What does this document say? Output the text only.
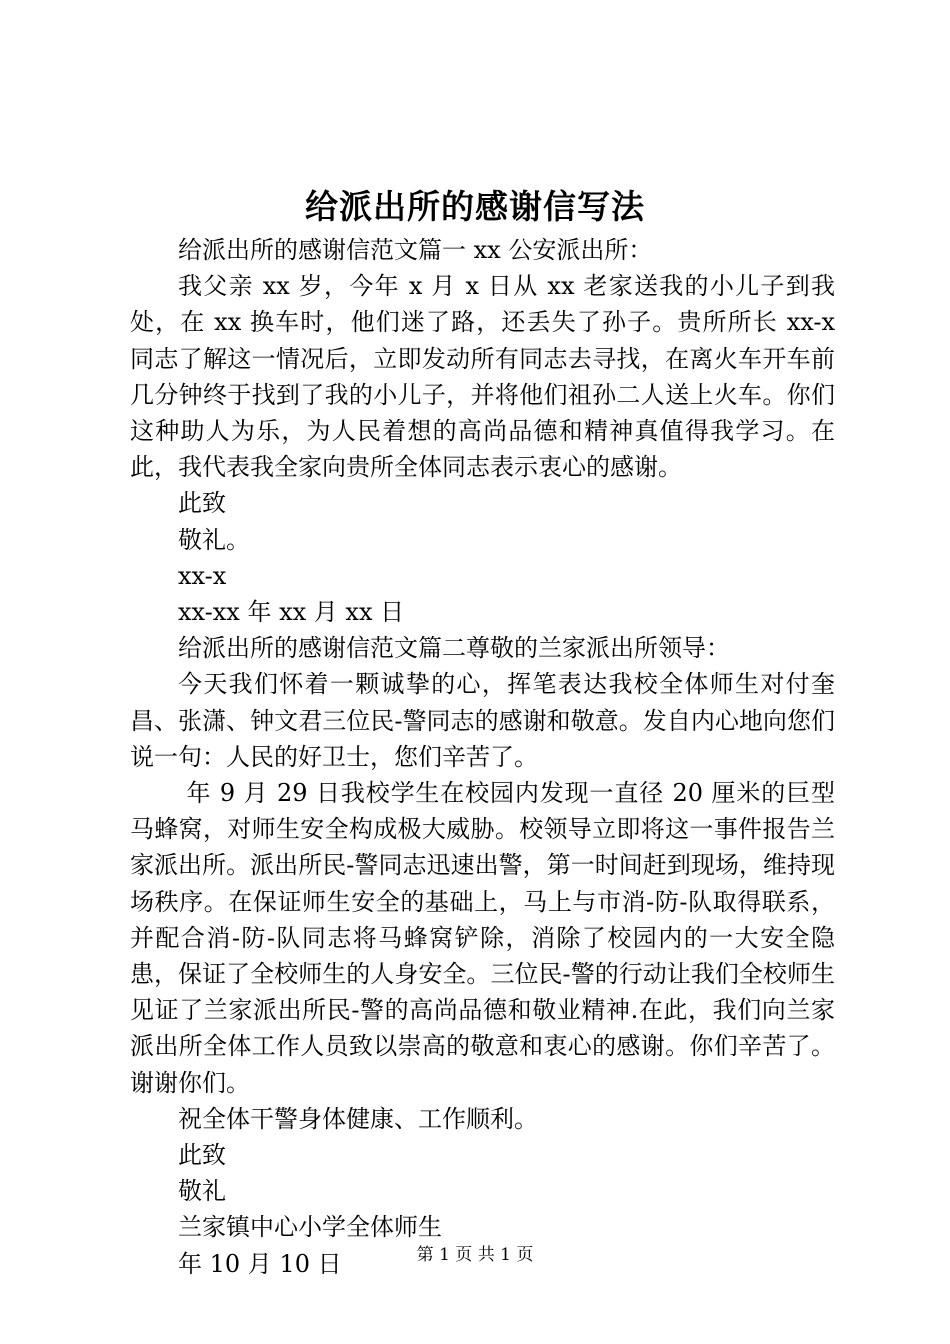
给派出所的感谢信写法

给派出所的感谢信范文篇一 xx 公安派出所：

我父亲 xx 岁，今年 x 月 x 日从 xx 老家送我的小儿子到我处，在 xx 换车时，他们迷了路，还丢失了孙子。贵所所长 xx-x 同志了解这一情况后，立即发动所有同志去寻找，在离火车开车前几分钟终于找到了我的小儿子，并将他们祖孙二人送上火车。你们这种助人为乐，为人民着想的高尚品德和精神真值得我学习。在此，我代表我全家向贵所全体同志表示衷心的感谢。

此致

敬礼。

xx-x

xx-xx 年 xx 月 xx 日

给派出所的感谢信范文篇二尊敬的兰家派出所领导：

今天我们怀着一颗诚挚的心，挥笔表达我校全体师生对付奎昌、张潇、钟文君三位民-警同志的感谢和敬意。发自内心地向您们说一句：人民的好卫士，您们辛苦了。

年 9 月 29 日我校学生在校园内发现一直径 20 厘米的巨型马蜂窝，对师生安全构成极大威胁。校领导立即将这一事件报告兰家派出所。派出所民-警同志迅速出警，第一时间赶到现场，维持现场秩序。在保证师生安全的基础上，马上与市消-防-队取得联系，并配合消-防-队同志将马蜂窝铲除，消除了校园内的一大安全隐患，保证了全校师生的人身安全。三位民-警的行动让我们全校师生见证了兰家派出所民-警的高尚品德和敬业精神.在此，我们向兰家派出所全体工作人员致以崇高的敬意和衷心的感谢。你们辛苦了。谢谢你们。

祝全体干警身体健康、工作顺利。

此致

敬礼

兰家镇中心小学全体师生

年 10 月 10 日	第 1 页 共 1 页
